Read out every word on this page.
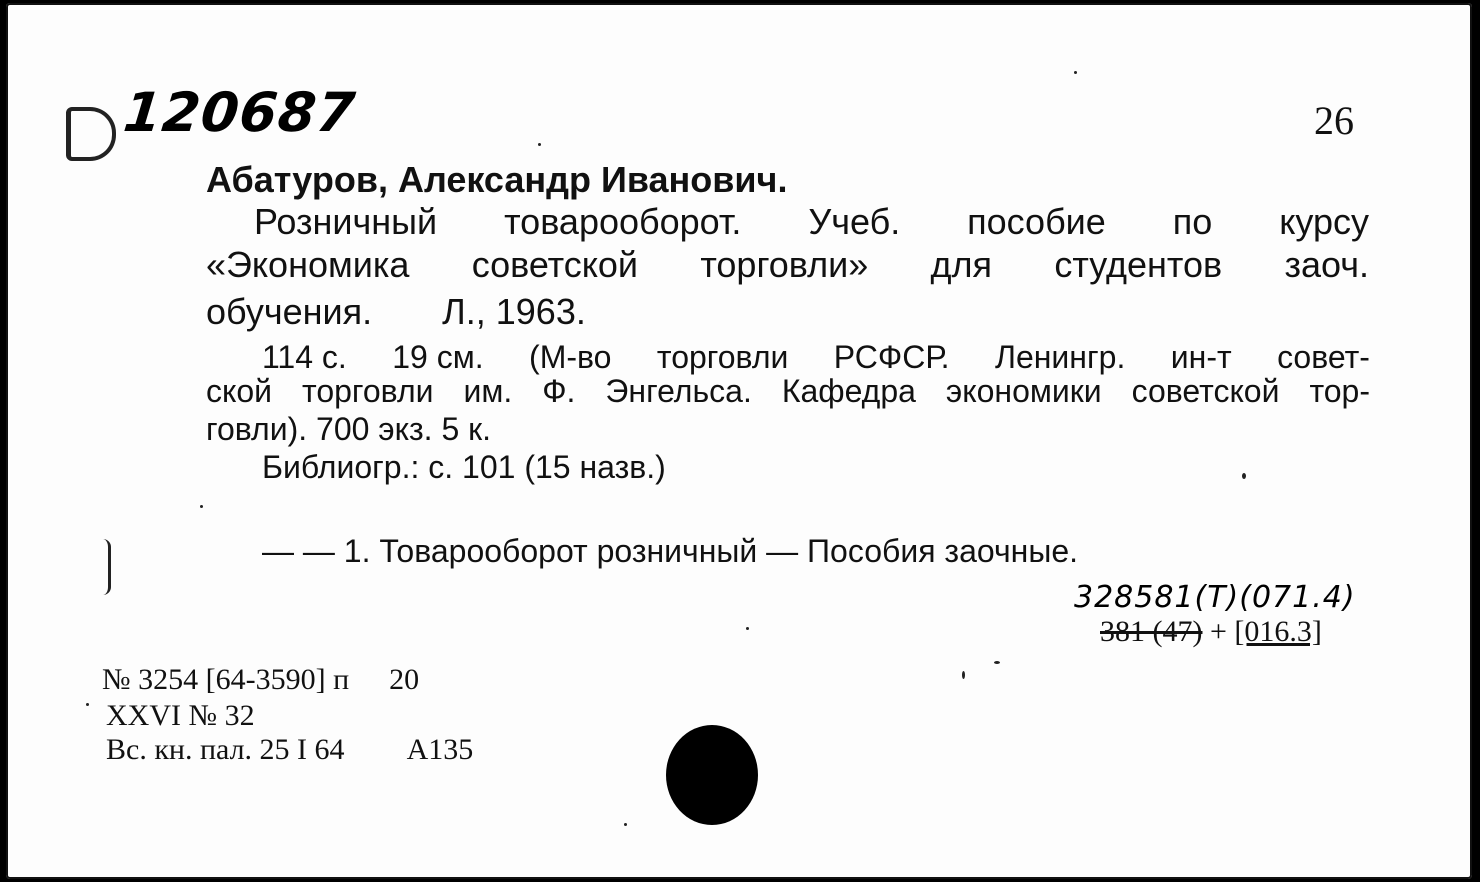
120687	26
Абатуров, Александр Иванович.
Розничный товарооборот. Учеб. пособие по курсу
«Экономика советской торговли» для студентов заоч.
обучения. Л., 1963.
114 с. 19 см. (М-во торговли РСФСР. Ленингр. ин-т совет-
ской торговли им. Ф. Энгельса. Кафедра экономики советской тор-
говли). 700 экз. 5 к.
Библиогр.: с. 101 (15 назв.)
— — 1. Товарооборот розничный — Пособия заочные.
328581(Т)(071.4)
381 (47) + [016.3]
№ 3254 [64-3590] п 20
XXVI № 32
Вс. кн. пал. 25 I 64 A135
